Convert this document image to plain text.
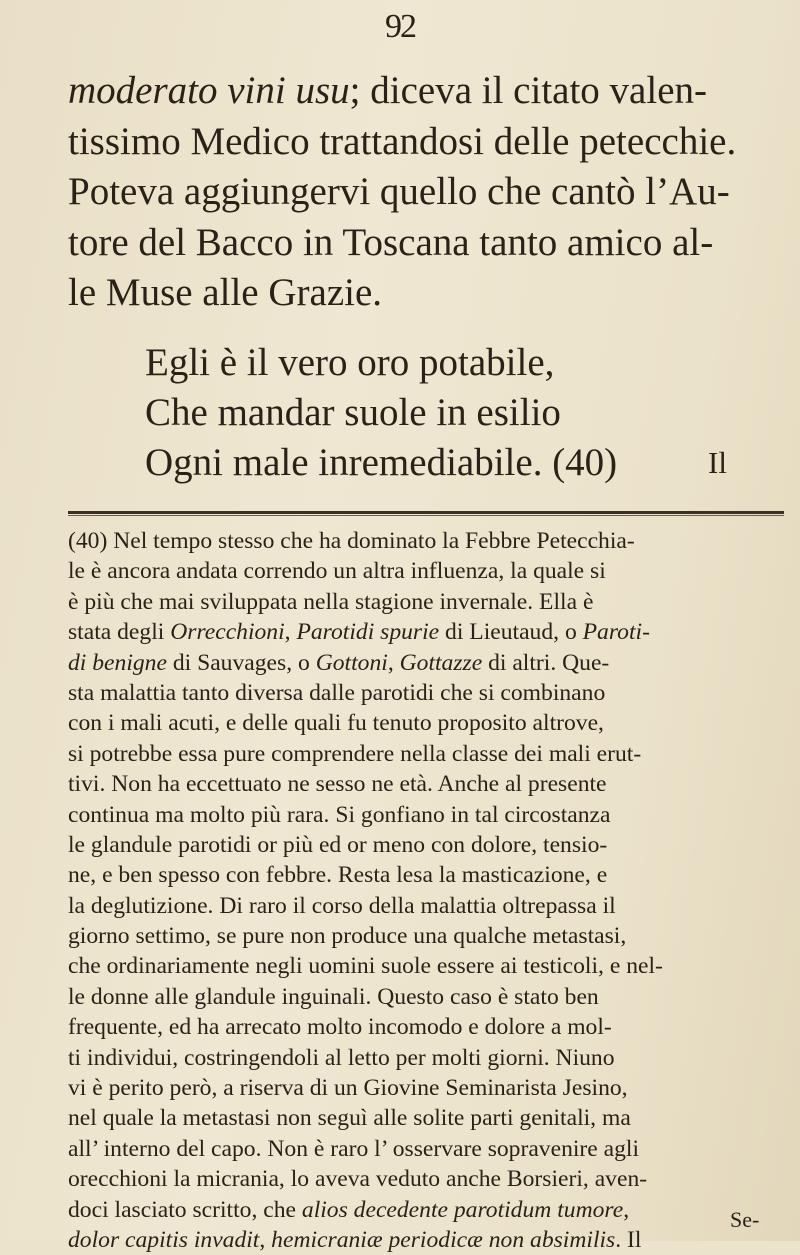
92
moderato vini usu; diceva il citato valen-
tissimo Medico trattandosi delle petecchie.
Poteva aggiungervi quello che cantò l’Au-
tore del Bacco in Toscana tanto amico al-
le Muse alle Grazie.
Egli è il vero oro potabile,
Che mandar suole in esilio
Ogni male inremediabile. (40)	Il
(40) Nel tempo stesso che ha dominato la Febbre Petecchia-
le è ancora andata correndo un altra influenza, la quale si
è più che mai sviluppata nella stagione invernale. Ella è
stata degli Orrecchioni, Parotidi spurie di Lieutaud, o Paroti-
di benigne di Sauvages, o Gottoni, Gottazze di altri. Que-
sta malattia tanto diversa dalle parotidi che si combinano
con i mali acuti, e delle quali fu tenuto proposito altrove,
si potrebbe essa pure comprendere nella classe dei mali erut-
tivi. Non ha eccettuato ne sesso ne età. Anche al presente
continua ma molto più rara. Si gonfiano in tal circostanza
le glandule parotidi or più ed or meno con dolore, tensio-
ne, e ben spesso con febbre. Resta lesa la masticazione, e
la deglutizione. Di raro il corso della malattia oltrepassa il
giorno settimo, se pure non produce una qualche metastasi,
che ordinariamente negli uomini suole essere ai testicoli, e nel-
le donne alle glandule inguinali. Questo caso è stato ben
frequente, ed ha arrecato molto incomodo e dolore a mol-
ti individui, costringendoli al letto per molti giorni. Niuno
vi è perito però, a riserva di un Giovine Seminarista Jesino,
nel quale la metastasi non seguì alle solite parti genitali, ma
all’ interno del capo. Non è raro l’ osservare sopravenire agli
orecchioni la micrania, lo aveva veduto anche Borsieri, aven-
doci lasciato scritto, che alios decedente parotidum tumore,
dolor capitis invadit, hemicraniæ periodicæ non absimilis. Il
Se-
